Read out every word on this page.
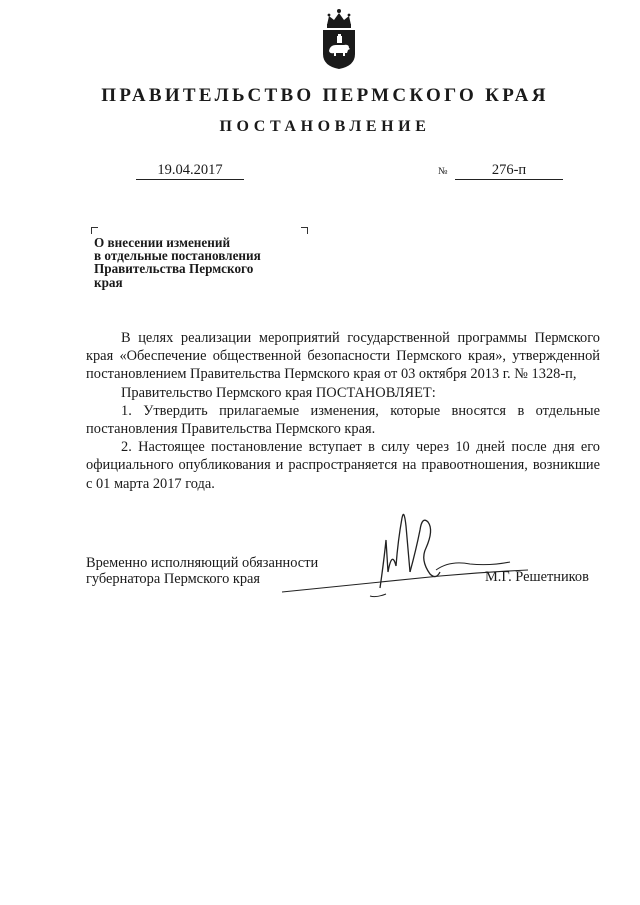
ПРАВИТЕЛЬСТВО ПЕРМСКОГО КРАЯ
ПОСТАНОВЛЕНИЕ
19.04.2017	№	276-п
О внесении изменений
в отдельные постановления
Правительства Пермского
края

В целях реализации мероприятий государственной программы Пермского края «Обеспечение общественной безопасности Пермского края», утвержденной постановлением Правительства Пермского края от 03 октября 2013 г. № 1328-п,

Правительство Пермского края ПОСТАНОВЛЯЕТ:

1. Утвердить прилагаемые изменения, которые вносятся в отдельные постановления Правительства Пермского края.

2. Настоящее постановление вступает в силу через 10 дней после дня его официального опубликования и распространяется на правоотношения, возникшие с 01 марта 2017 года.

Временно исполняющий обязанности
губернатора Пермского края	М.Г. Решетников
